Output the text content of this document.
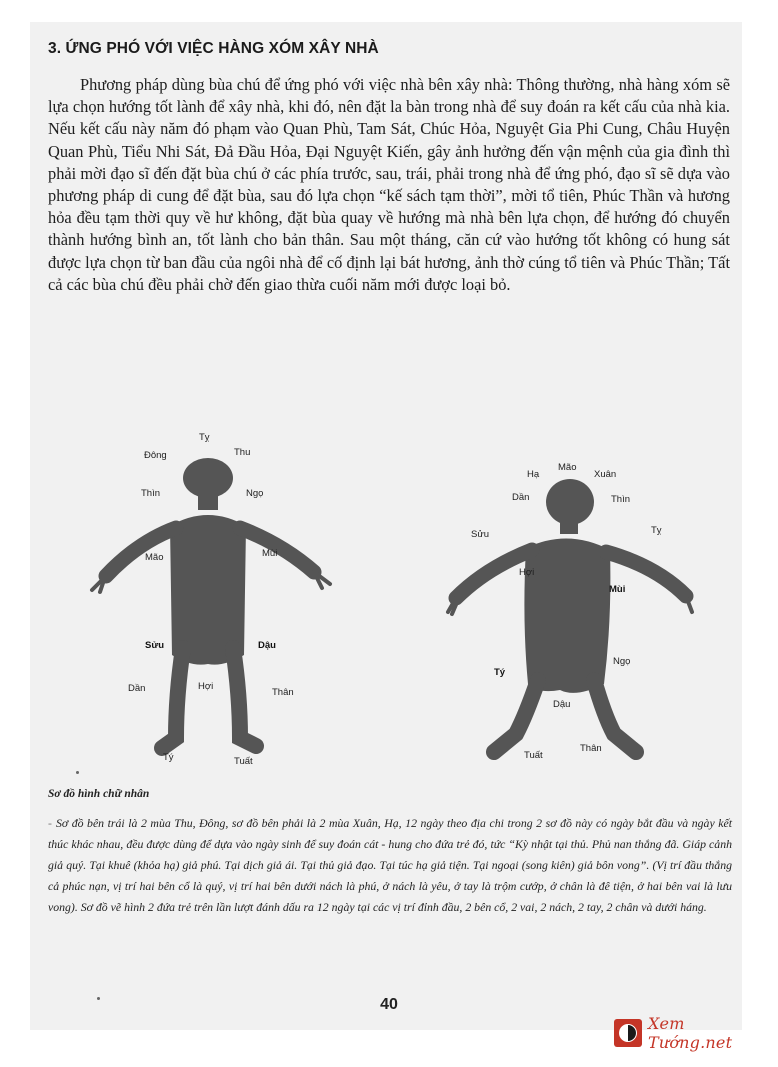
3. ỨNG PHÓ VỚI VIỆC HÀNG XÓM XÂY NHÀ

Phương pháp dùng bùa chú để ứng phó với việc nhà bên xây nhà: Thông thường, nhà hàng xóm sẽ lựa chọn hướng tốt lành để xây nhà, khi đó, nên đặt la bàn trong nhà để suy đoán ra kết cấu của nhà kia. Nếu kết cấu này năm đó phạm vào Quan Phù, Tam Sát, Chúc Hỏa, Nguyệt Gia Phi Cung, Châu Huyện Quan Phù, Tiểu Nhi Sát, Đả Đầu Hỏa, Đại Nguyệt Kiến, gây ảnh hưởng đến vận mệnh của gia đình thì phải mời đạo sĩ đến đặt bùa chú ở các phía trước, sau, trái, phải trong nhà để ứng phó, đạo sĩ sẽ dựa vào phương pháp di cung để đặt bùa, sau đó lựa chọn “kế sách tạm thời”, mời tổ tiên, Phúc Thần và hương hỏa đều tạm thời quy về hư không, đặt bùa quay về hướng mà nhà bên lựa chọn, để hướng đó chuyển thành hướng bình an, tốt lành cho bản thân. Sau một tháng, căn cứ vào hướng tốt không có hung sát được lựa chọn từ ban đầu của ngôi nhà để cố định lại bát hương, ảnh thờ cúng tổ tiên và Phúc Thần; Tất cả các bùa chú đều phải chờ đến giao thừa cuối năm mới được loại bỏ.

Tỵ
Đông	Thu
Thìn	Ngọ
Mão	Mùi
Sửu	Dậu
Dần	Hợi
Thân
Tý	Tuất
Hạ
Mão
Xuân
Dần	Thìn
Sửu	Tỵ
Hợi
Mùi
Ngọ
Tý
Dậu
Tuất
Thân
Sơ đồ hình chữ nhân

- Sơ đồ bên trái là 2 mùa Thu, Đông, sơ đồ bên phải là 2 mùa Xuân, Hạ, 12 ngày theo địa chi trong 2 sơ đồ này có ngày bắt đầu và ngày kết thúc khác nhau, đều được dùng để dựa vào ngày sinh để suy đoán cát - hung cho đứa trẻ đó, tức “Kỳ nhật tại thủ. Phủ nan thắng đã. Giáp cảnh giả quý. Tại khuê (khỏa hạ) giả phú. Tại dịch giả ái. Tại thủ giả đạo. Tại túc hạ giả tiện. Tại ngoại (song kiên) giả bôn vong”. (Vị trí đầu thắng cả phúc nạn, vị trí hai bên cổ là quý, vị trí hai bên dưới nách là phú, ở nách là yêu, ở tay là trộm cướp, ở chân là đê tiện, ở hai bên vai là lưu vong). Sơ đồ vẽ hình 2 đứa trẻ trên lần lượt đánh dấu ra 12 ngày tại các vị trí đỉnh đầu, 2 bên cổ, 2 vai, 2 nách, 2 tay, 2 chân và dưới háng.

40
Xem Tướng.net
